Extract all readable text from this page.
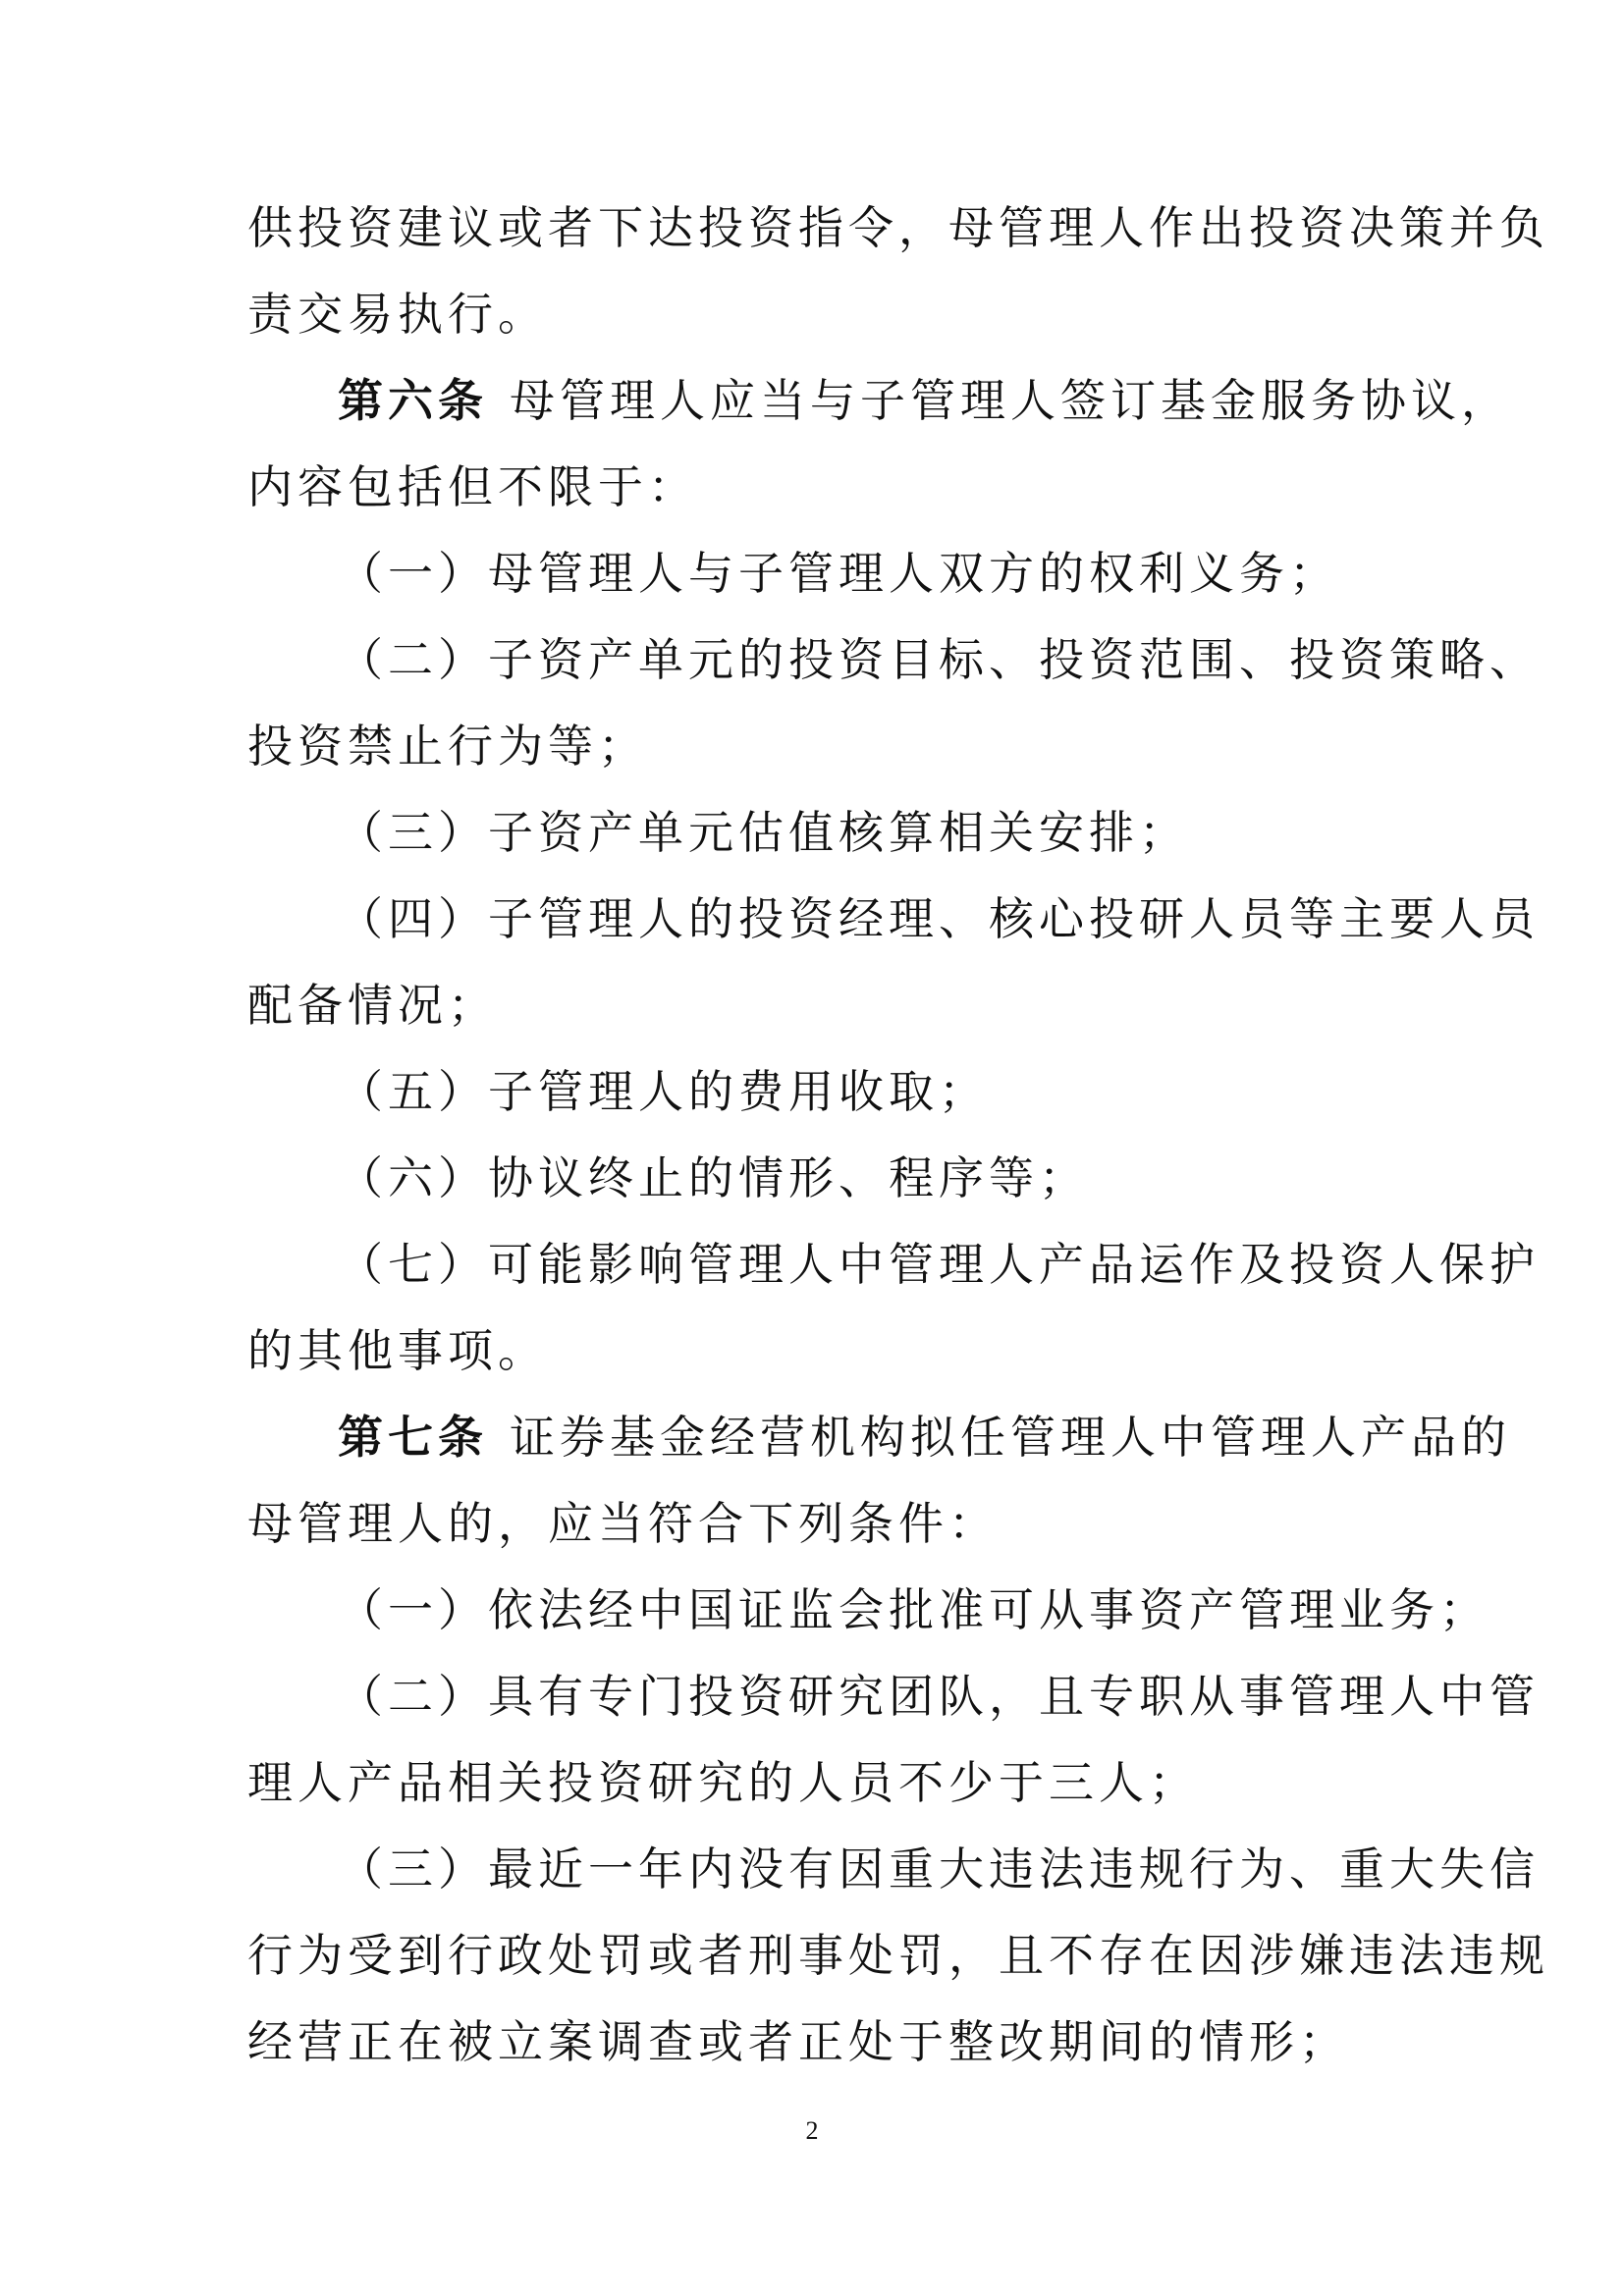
供投资建议或者下达投资指令，母管理人作出投资决策并负

责交易执行。

第六条 母管理人应当与子管理人签订基金服务协议，

内容包括但不限于：

（一）母管理人与子管理人双方的权利义务；

（二）子资产单元的投资目标、投资范围、投资策略、

投资禁止行为等；

（三）子资产单元估值核算相关安排；

（四）子管理人的投资经理、核心投研人员等主要人员

配备情况；

（五）子管理人的费用收取；

（六）协议终止的情形、程序等；

（七）可能影响管理人中管理人产品运作及投资人保护

的其他事项。

第七条 证券基金经营机构拟任管理人中管理人产品的

母管理人的，应当符合下列条件：

（一）依法经中国证监会批准可从事资产管理业务；

（二）具有专门投资研究团队，且专职从事管理人中管

理人产品相关投资研究的人员不少于三人；

（三）最近一年内没有因重大违法违规行为、重大失信

行为受到行政处罚或者刑事处罚，且不存在因涉嫌违法违规

经营正在被立案调查或者正处于整改期间的情形；

2
